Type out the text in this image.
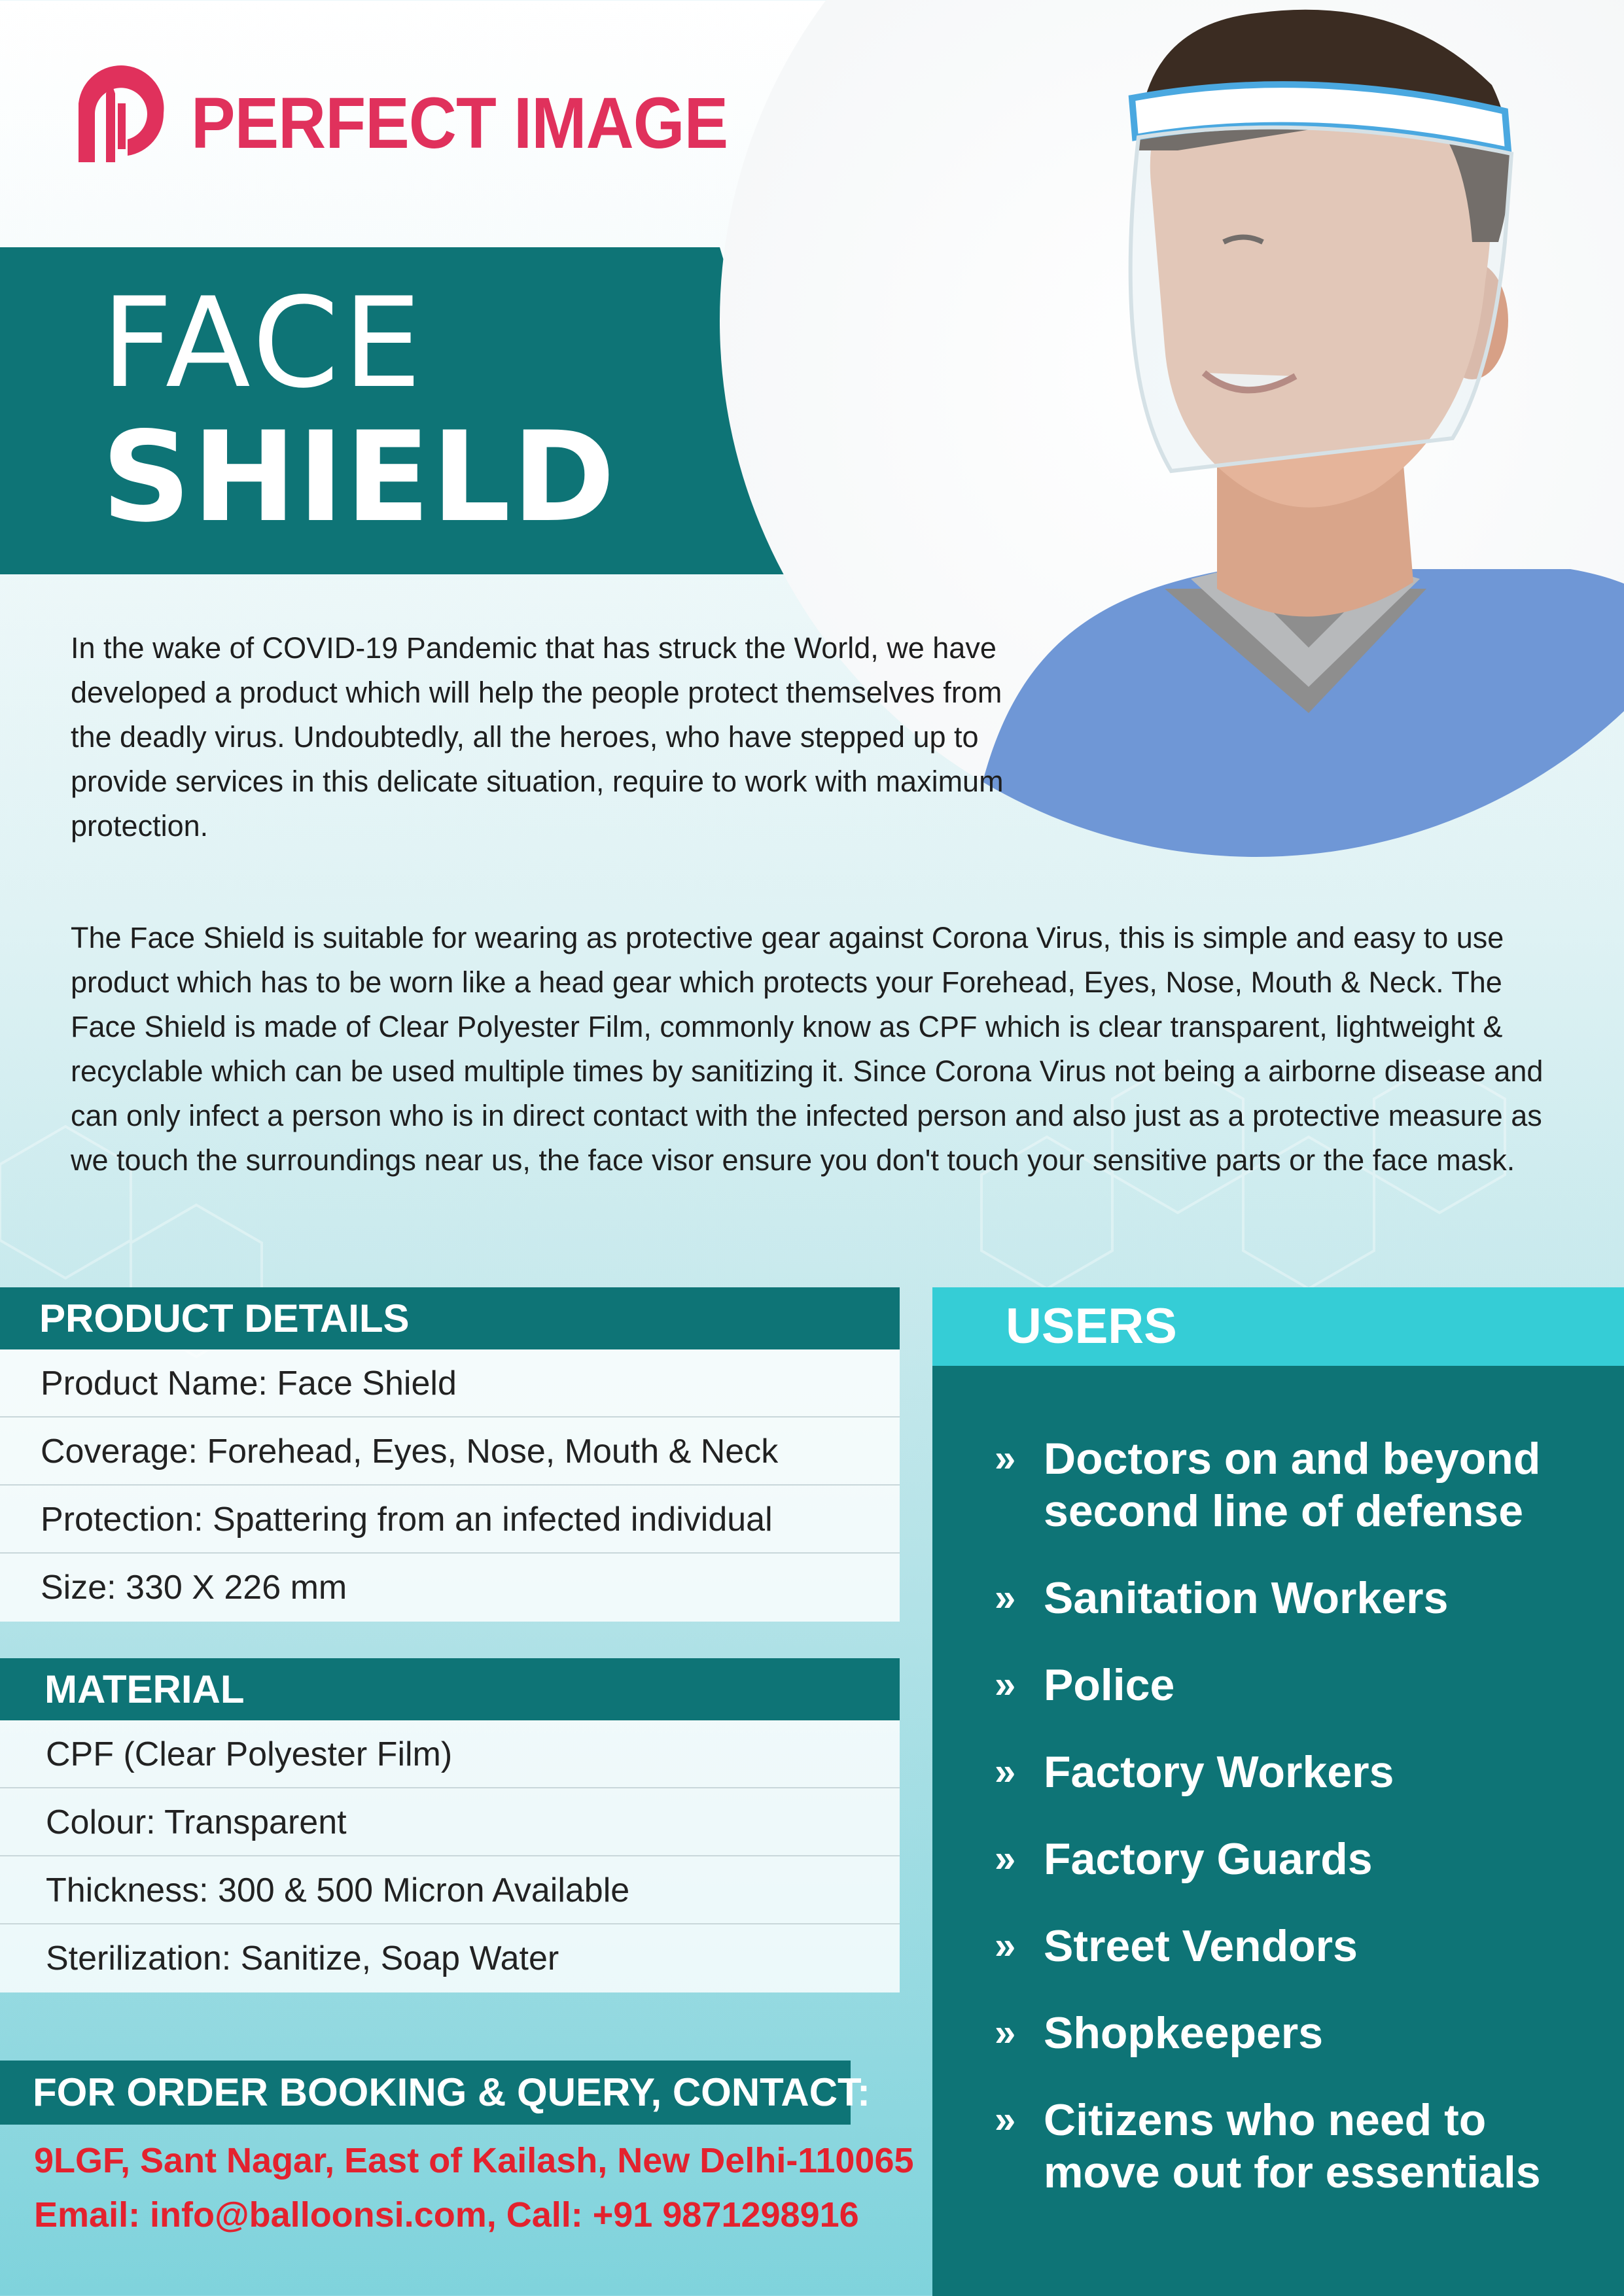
PERFECT IMAGE
FACE
SHIELD

In the wake of COVID-19 Pandemic that has struck the World, we have developed a product which will help the people protect themselves from the deadly virus. Undoubtedly, all the heroes, who have stepped up to provide services in this delicate situation, require to work with maximum protection.

The Face Shield is suitable for wearing as protective gear against Corona Virus, this is simple and easy to use product which has to be worn like a head gear which protects your Forehead, Eyes, Nose, Mouth & Neck. The Face Shield is made of Clear Polyester Film, commonly know as CPF which is clear transparent, lightweight & recyclable which can be used multiple times by sanitizing it. Since Corona Virus not being a airborne disease and can only infect a person who is in direct contact with the infected person and also just as a protective measure as we touch the surroundings near us, the face visor ensure you don't touch your sensitive parts or the face mask.

PRODUCT DETAILS
Product Name: Face Shield
Coverage: Forehead, Eyes, Nose, Mouth & Neck
Protection: Spattering from an infected individual
Size: 330 X 226 mm
MATERIAL
CPF (Clear Polyester Film)
Colour: Transparent
Thickness: 300 & 500 Micron Available
Sterilization: Sanitize, Soap Water
FOR ORDER BOOKING & QUERY, CONTACT:
9LGF, Sant Nagar, East of Kailash, New Delhi-110065
Email: info@balloonsi.com, Call: +91 9871298916
USERS
» Doctors on and beyond second line of defense
» Sanitation Workers
» Police
» Factory Workers
» Factory Guards
» Street Vendors
» Shopkeepers
» Citizens who need to move out for essentials
